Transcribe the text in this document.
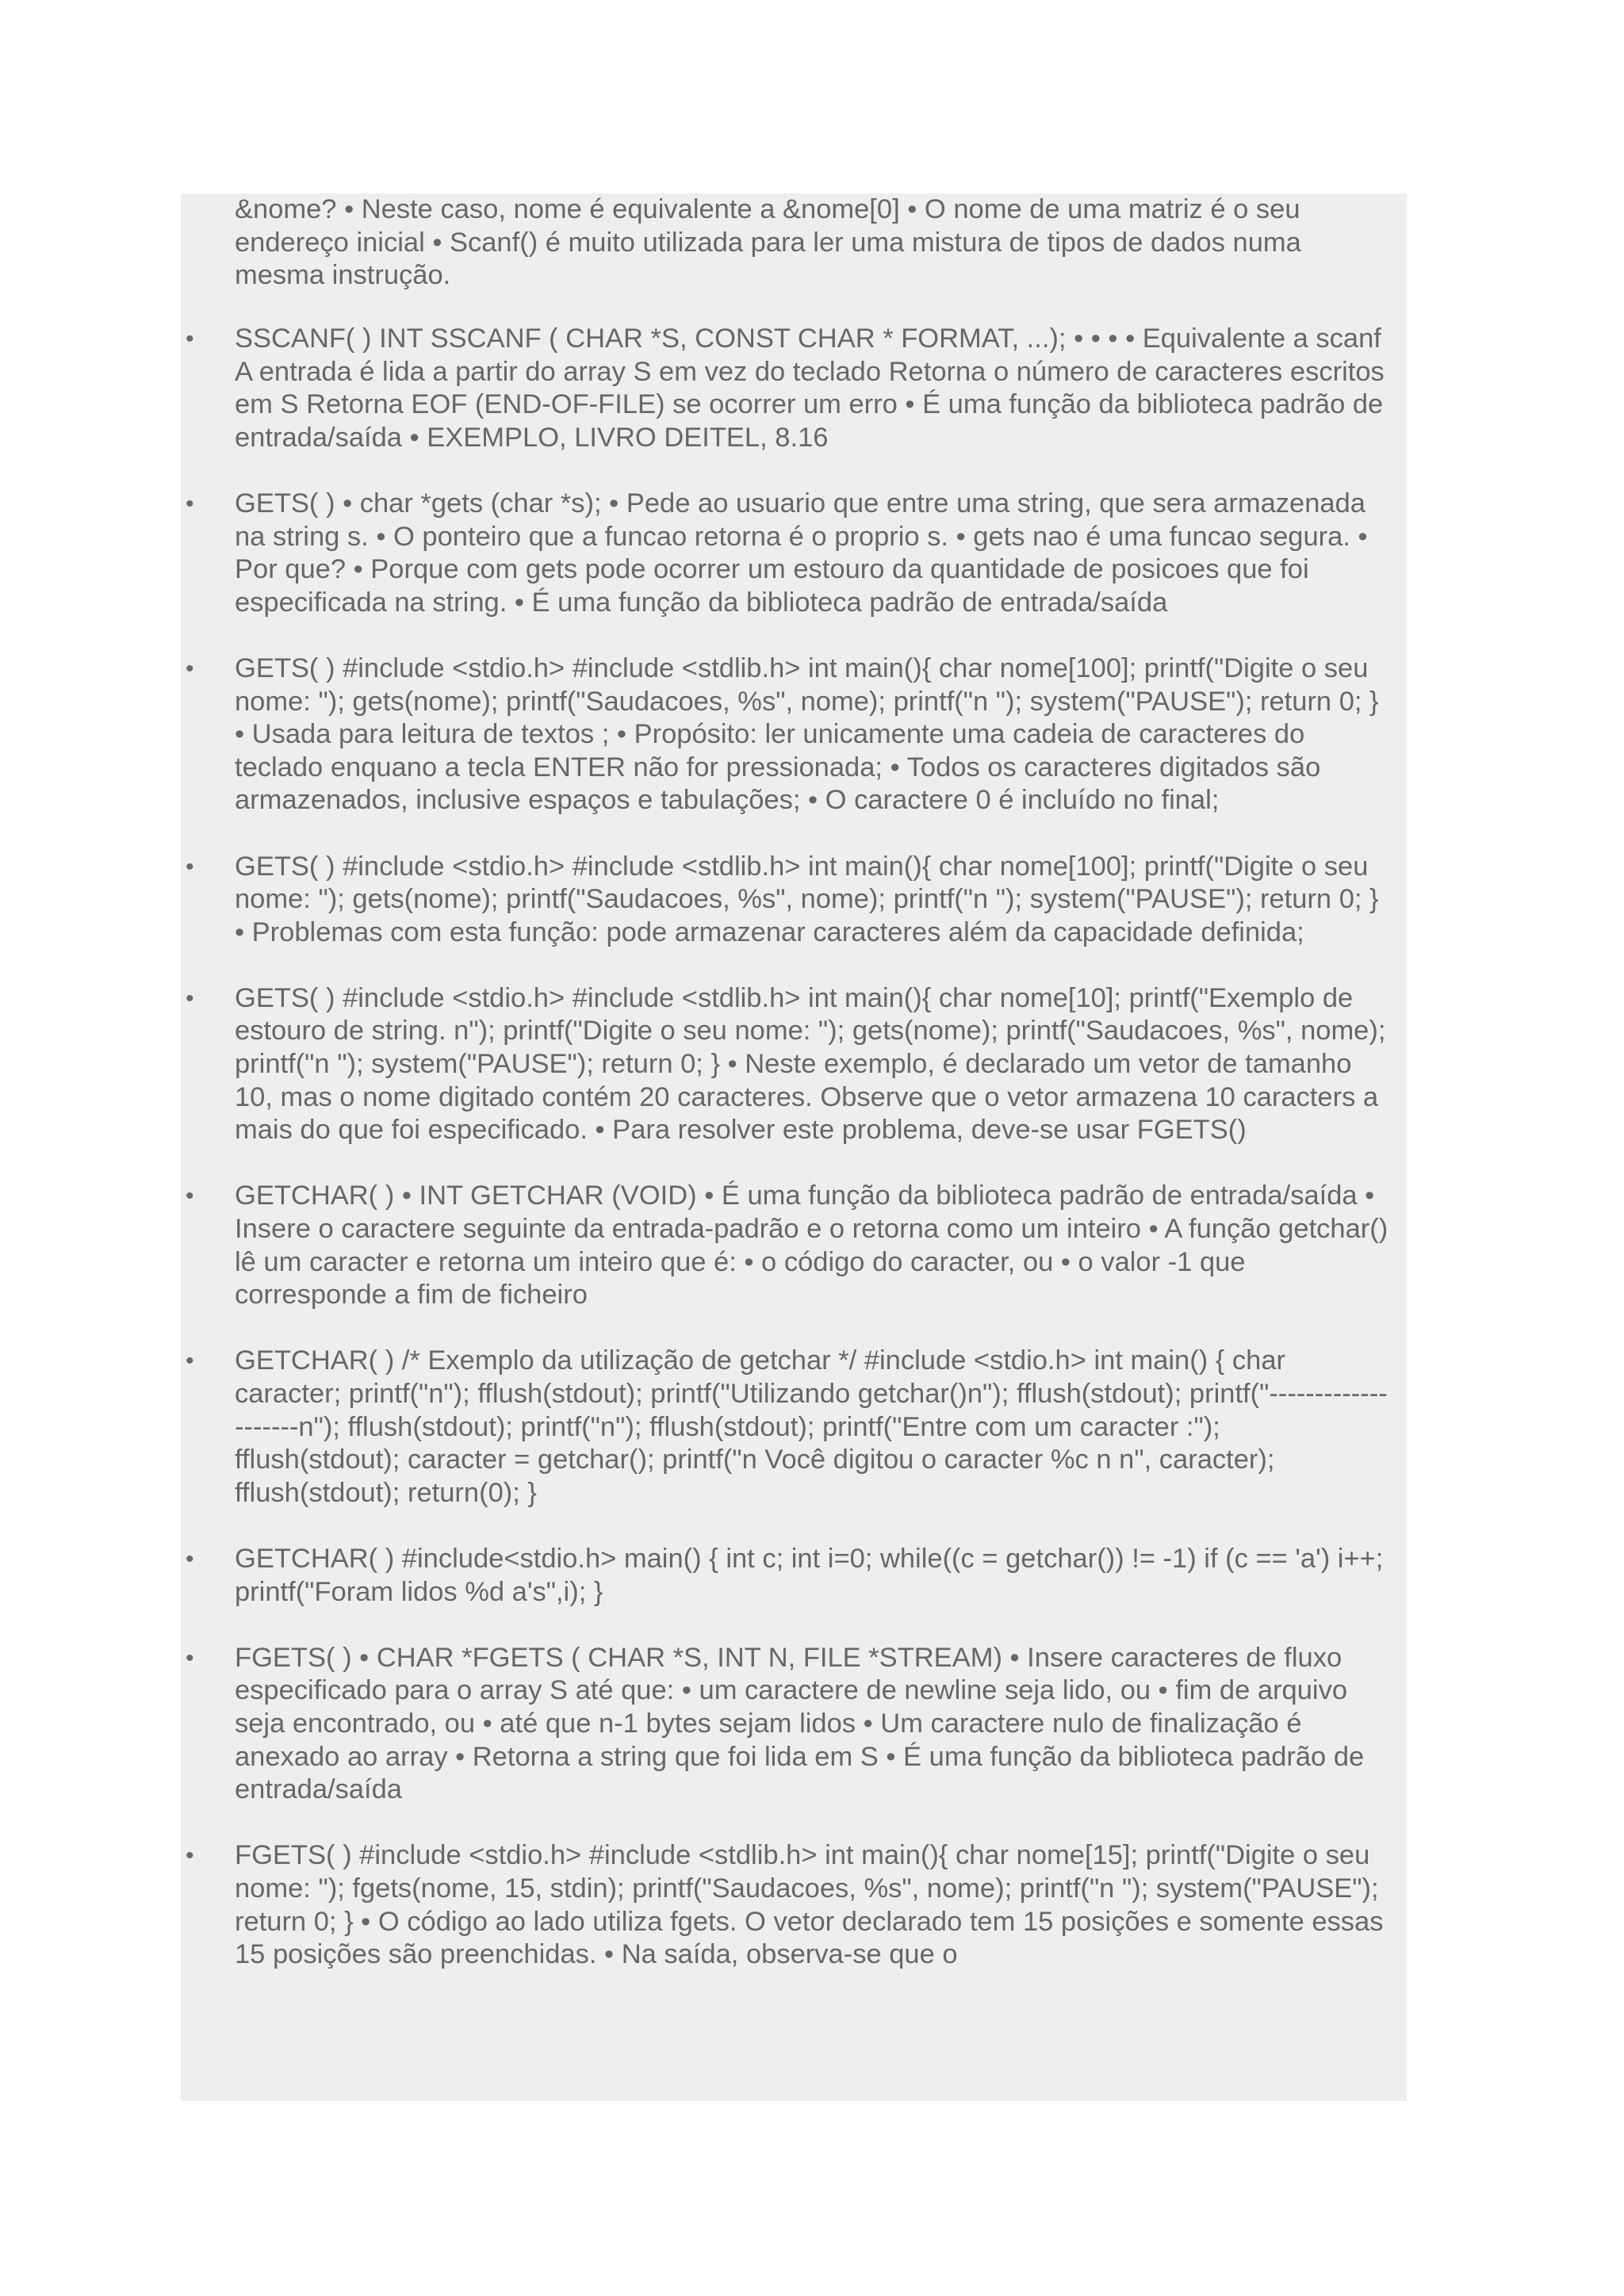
&nome? • Neste caso, nome é equivalente a &nome[0] • O nome de uma matriz é o seu endereço inicial • Scanf() é muito utilizada para ler uma mistura de tipos de dados numa mesma instrução.

• SSCANF( ) INT SSCANF ( CHAR *S, CONST CHAR * FORMAT, ...); • • • • Equivalente a scanf A entrada é lida a partir do array S em vez do teclado Retorna o número de caracteres escritos em S Retorna EOF (END-OF-FILE) se ocorrer um erro • É uma função da biblioteca padrão de entrada/saída • EXEMPLO, LIVRO DEITEL, 8.16
• GETS( ) • char *gets (char *s); • Pede ao usuario que entre uma string, que sera armazenada na string s. • O ponteiro que a funcao retorna é o proprio s. • gets nao é uma funcao segura. • Por que? • Porque com gets pode ocorrer um estouro da quantidade de posicoes que foi especificada na string. • É uma função da biblioteca padrão de entrada/saída
• GETS( ) #include <stdio.h> #include <stdlib.h> int main(){ char nome[100]; printf("Digite o seu nome: "); gets(nome); printf("Saudacoes, %s", nome); printf("n "); system("PAUSE"); return 0; } • Usada para leitura de textos ; • Propósito: ler unicamente uma cadeia de caracteres do teclado enquano a tecla ENTER não for pressionada; • Todos os caracteres digitados são armazenados, inclusive espaços e tabulações; • O caractere 0 é incluído no final;
• GETS( ) #include <stdio.h> #include <stdlib.h> int main(){ char nome[100]; printf("Digite o seu nome: "); gets(nome); printf("Saudacoes, %s", nome); printf("n "); system("PAUSE"); return 0; } • Problemas com esta função: pode armazenar caracteres além da capacidade definida;
• GETS( ) #include <stdio.h> #include <stdlib.h> int main(){ char nome[10]; printf("Exemplo de estouro de string. n"); printf("Digite o seu nome: "); gets(nome); printf("Saudacoes, %s", nome); printf("n "); system("PAUSE"); return 0; } • Neste exemplo, é declarado um vetor de tamanho 10, mas o nome digitado contém 20 caracteres. Observe que o vetor armazena 10 caracters a mais do que foi especificado. • Para resolver este problema, deve-se usar FGETS()
• GETCHAR( ) • INT GETCHAR (VOID) • É uma função da biblioteca padrão de entrada/saída • Insere o caractere seguinte da entrada-padrão e o retorna como um inteiro • A função getchar() lê um caracter e retorna um inteiro que é: • o código do caracter, ou • o valor -1 que corresponde a fim de ficheiro
• GETCHAR( ) /* Exemplo da utilização de getchar */ #include <stdio.h> int main() { char caracter; printf("n"); fflush(stdout); printf("Utilizando getchar()n"); fflush(stdout); printf("--------------------n"); fflush(stdout); printf("n"); fflush(stdout); printf("Entre com um caracter :"); fflush(stdout); caracter = getchar(); printf("n Você digitou o caracter %c n n", caracter); fflush(stdout); return(0); }
• GETCHAR( ) #include<stdio.h> main() { int c; int i=0; while((c = getchar()) != -1) if (c == 'a') i++; printf("Foram lidos %d a's",i); }
• FGETS( ) • CHAR *FGETS ( CHAR *S, INT N, FILE *STREAM) • Insere caracteres de fluxo especificado para o array S até que: • um caractere de newline seja lido, ou • fim de arquivo seja encontrado, ou • até que n-1 bytes sejam lidos • Um caractere nulo de finalização é anexado ao array • Retorna a string que foi lida em S • É uma função da biblioteca padrão de entrada/saída
• FGETS( ) #include <stdio.h> #include <stdlib.h> int main(){ char nome[15]; printf("Digite o seu nome: "); fgets(nome, 15, stdin); printf("Saudacoes, %s", nome); printf("n "); system("PAUSE"); return 0; } • O código ao lado utiliza fgets. O vetor declarado tem 15 posições e somente essas 15 posições são preenchidas. • Na saída, observa-se que o
